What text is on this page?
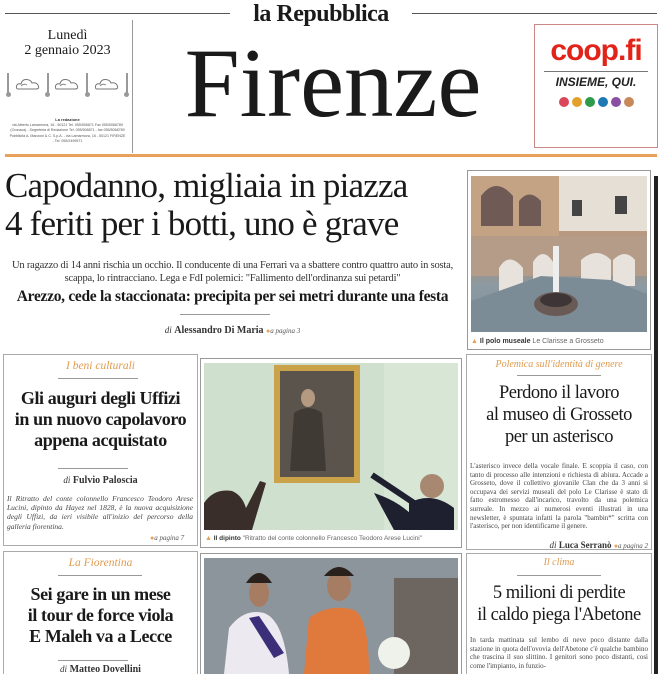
la Repubblica
Lunedì
2 gennaio 2023
La redazione
via Alberto Lamarmora, 16 - 50121 Tel. 055/506871 Fax 055/5068789 (Cronaca) - Segreteria di Redazione Tel. 055/506871 - fax 055/5068789 Pubblicità A. Manzoni & C. S.p.A. - via Lamarmora, 16 - 50121 FIRENZE - Tel. 055/2499571
Firenze	coop.fi
INSIEME, QUI.
Capodanno, migliaia in piazza
4 feriti per i botti, uno è grave
Un ragazzo di 14 anni rischia un occhio. Il conducente di una Ferrari va a sbattere contro quattro auto in sosta, scappa, lo rintracciano. Lega e FdI polemici: "Fallimento dell'ordinanza sui petardi"
Arezzo, cede la staccionata: precipita per sei metri durante una festa
di Alessandro Di Maria ● a pagina 3
▲ Il polo museale Le Clarisse a Grosseto
I beni culturali
Gli auguri degli Uffizi
in un nuovo capolavoro
appena acquistato
di Fulvio Paloscia
Il Ritratto del conte colonnello Francesco Teodoro Arese Lucini, dipinto da Hayez nel 1828, è la nuova acquisizione degli Uffizi, da ieri visibile all'inizio del percorso della galleria fiorentina.
● a pagina 7	▲ Il dipinto "Ritratto del conte colonnello Francesco Teodoro Arese Lucini"
Polemica sull'identità di genere
Perdono il lavoro
al museo di Grosseto
per un asterisco
L'asterisco invece della vocale finale. E scoppia il caso, con tanto di processo alle intenzioni e richiesta di abiura. Accade a Grosseto, dove il collettivo giovanile Clan che da 3 anni si occupava dei servizi museali del polo Le Clarisse è stato di fatto estromesso dall'incarico, travolto da una polemica surreale. In mezzo ai numerosi eventi illustrati in una newsletter, è spuntata infatti la parola "bambin*" scritta con l'asterisco, per non identificarne il genere.
di Luca Serranò ● a pagina 2
La Fiorentina
Sei gare in un mese
il tour de force viola
E Maleh va a Lecce
di Matteo Dovellini
Il clima
5 milioni di perdite
il caldo piega l'Abetone
In tarda mattinata sul lembo di neve poco distante dalla stazione in quota dell'ovovia dell'Abetone c'è qualche bambino che trascina il suo slittino. I genitori sono poco distanti, così come l'impianto, in funzio-
